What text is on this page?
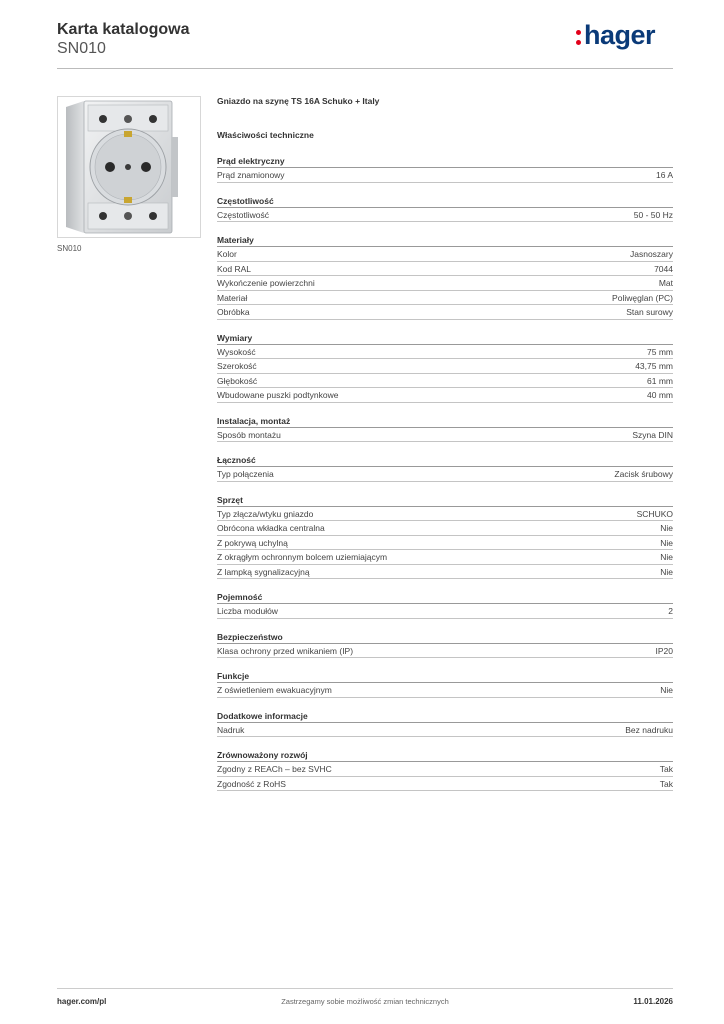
Karta katalogowa
SN010	hager
SN010
Gniazdo na szynę TS 16A Schuko + Italy
Właściwości techniczne
Prąd elektryczny
Prąd znamionowy	16 A
Częstotliwość
Częstotliwość	50 - 50 Hz
Materiały
Kolor	Jasnoszary
Kod RAL	7044
Wykończenie powierzchni	Mat
Materiał	Poliwęglan (PC)
Obróbka	Stan surowy
Wymiary
Wysokość	75 mm
Szerokość	43,75 mm
Głębokość	61 mm
Wbudowane puszki podtynkowe	40 mm
Instalacja, montaż
Sposób montażu	Szyna DIN
Łączność
Typ połączenia	Zacisk śrubowy
Sprzęt
Typ złącza/wtyku gniazdo	SCHUKO
Obrócona wkładka centralna	Nie
Z pokrywą uchylną	Nie
Z okrągłym ochronnym bolcem uziemiającym	Nie
Z lampką sygnalizacyjną	Nie
Pojemność
Liczba modułów	2
Bezpieczeństwo
Klasa ochrony przed wnikaniem (IP)	IP20
Funkcje
Z oświetleniem ewakuacyjnym	Nie
Dodatkowe informacje
Nadruk	Bez nadruku
Zrównoważony rozwój
Zgodny z REACh – bez SVHC	Tak
Zgodność z RoHS	Tak
hager.com/pl	Zastrzegamy sobie możliwość zmian technicznych	11.01.2026
